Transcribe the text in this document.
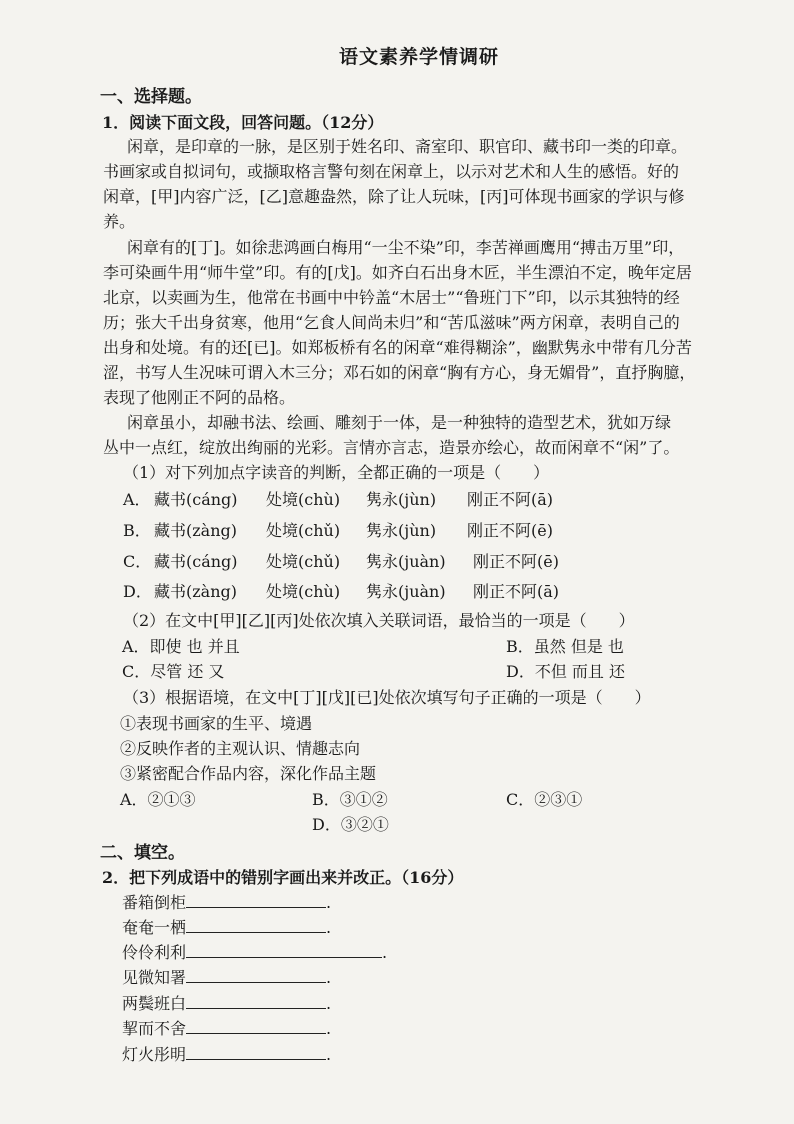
语文素养学情调研
一、选择题。
1．阅读下面文段，回答问题。（12分）
闲章，是印章的一脉，是区别于姓名印、斋室印、职官印、藏书印一类的印章。
书画家或自拟词句，或撷取格言警句刻在闲章上，以示对艺术和人生的感悟。好的
闲章，[甲]内容广泛，[乙]意趣盎然，除了让人玩味，[丙]可体现书画家的学识与修
养。
闲章有的[丁]。如徐悲鸿画白梅用“一尘不染”印，李苦禅画鹰用“搏击万里”印，
李可染画牛用“师牛堂”印。有的[戊]。如齐白石出身木匠，半生漂泊不定，晚年定居
北京，以卖画为生，他常在书画中中钤盖“木居士”“鲁班门下”印，以示其独特的经
历；张大千出身贫寒，他用“乞食人间尚未归”和“苦瓜滋味”两方闲章，表明自己的
出身和处境。有的还[已]。如郑板桥有名的闲章“难得糊涂”，幽默隽永中带有几分苦
涩，书写人生况味可谓入木三分；邓石如的闲章“胸有方心，身无媚骨”，直抒胸臆，
表现了他刚正不阿的品格。
闲章虽小，却融书法、绘画、雕刻于一体，是一种独特的造型艺术，犹如万绿
丛中一点红，绽放出绚丽的光彩。言情亦言志，造景亦绘心，故而闲章不“闲”了。
（1）对下列加点字读音的判断，全都正确的一项是（　　）
A． 藏书(cáng) 处境(chù) 隽永(jùn) 刚正不阿(ā)
B． 藏书(zàng) 处境(chǔ) 隽永(jùn) 刚正不阿(ē)
C． 藏书(cáng) 处境(chǔ) 隽永(juàn) 刚正不阿(ē)
D． 藏书(zàng) 处境(chù) 隽永(juàn) 刚正不阿(ā)
（2）在文中[甲][乙][丙]处依次填入关联词语，最恰当的一项是（　　）
A．即使 也 并且	B．虽然 但是 也
C．尽管 还 又	D．不但 而且 还
（3）根据语境，在文中[丁][戊][已]处依次填写句子正确的一项是（　　）
①表现书画家的生平、境遇
②反映作者的主观认识、情趣志向
③紧密配合作品内容，深化作品主题
A．②①③	B．③①②	C．②③①
D．③②①
二、填空。
2．把下列成语中的错别字画出来并改正。（16分）
番箱倒柜	.
奄奄一栖	.
伶伶利利	.
见微知署	.
两鬓班白	.
挈而不舍	.
灯火彤明	.
